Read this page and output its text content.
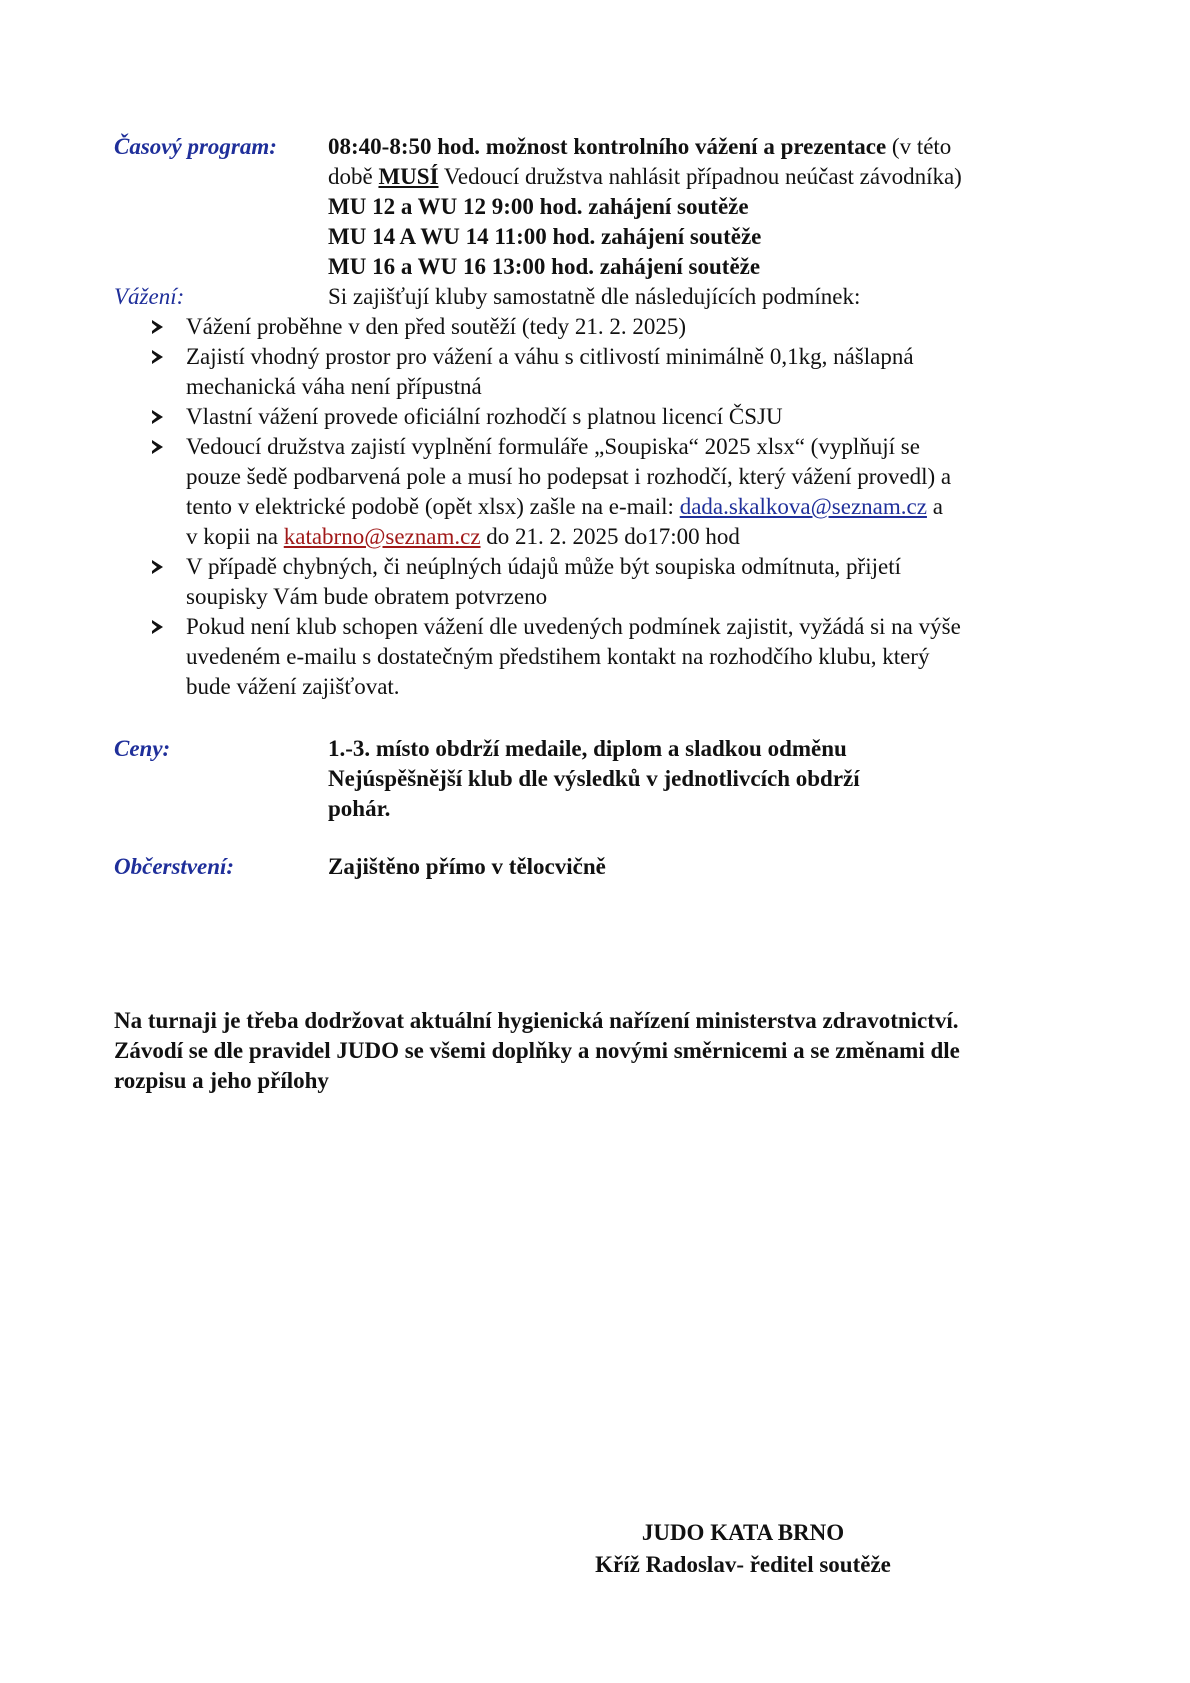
Časový program: 08:40-8:50 hod. možnost kontrolního vážení a prezentace (v této
době MUSÍ Vedoucí družstva nahlásit případnou neúčast závodníka)
MU 12 a WU 12 9:00 hod. zahájení soutěže
MU 14 A WU 14 11:00 hod. zahájení soutěže
MU 16 a WU 16 13:00 hod. zahájení soutěže
Vážení:	Si zajišťují kluby samostatně dle následujících podmínek:
Vážení proběhne v den před soutěží (tedy 21. 2. 2025)
Zajistí vhodný prostor pro vážení a váhu s citlivostí minimálně 0,1kg, nášlapná
mechanická váha není přípustná
Vlastní vážení provede oficiální rozhodčí s platnou licencí ČSJU
Vedoucí družstva zajistí vyplnění formuláře „Soupiska“ 2025 xlsx“ (vyplňují se
pouze šedě podbarvená pole a musí ho podepsat i rozhodčí, který vážení provedl) a
tento v elektrické podobě (opět xlsx) zašle na e-mail: dada.skalkova@seznam.cz a
v kopii na katabrno@seznam.cz do 21. 2. 2025 do17:00 hod
V případě chybných, či neúplných údajů může být soupiska odmítnuta, přijetí
soupisky Vám bude obratem potvrzeno
Pokud není klub schopen vážení dle uvedených podmínek zajistit, vyžádá si na výše
uvedeném e-mailu s dostatečným předstihem kontakt na rozhodčího klubu, který
bude vážení zajišťovat.
Ceny:	1.-3. místo obdrží medaile, diplom a sladkou odměnu
Nejúspěšnější klub dle výsledků v jednotlivcích obdrží
pohár.
Občerstvení:	Zajištěno přímo v tělocvičně
Na turnaji je třeba dodržovat aktuální hygienická nařízení ministerstva zdravotnictví.
Závodí se dle pravidel JUDO se všemi doplňky a novými směrnicemi a se změnami dle
rozpisu a jeho přílohy
JUDO KATA BRNO
Kříž Radoslav- ředitel soutěže
